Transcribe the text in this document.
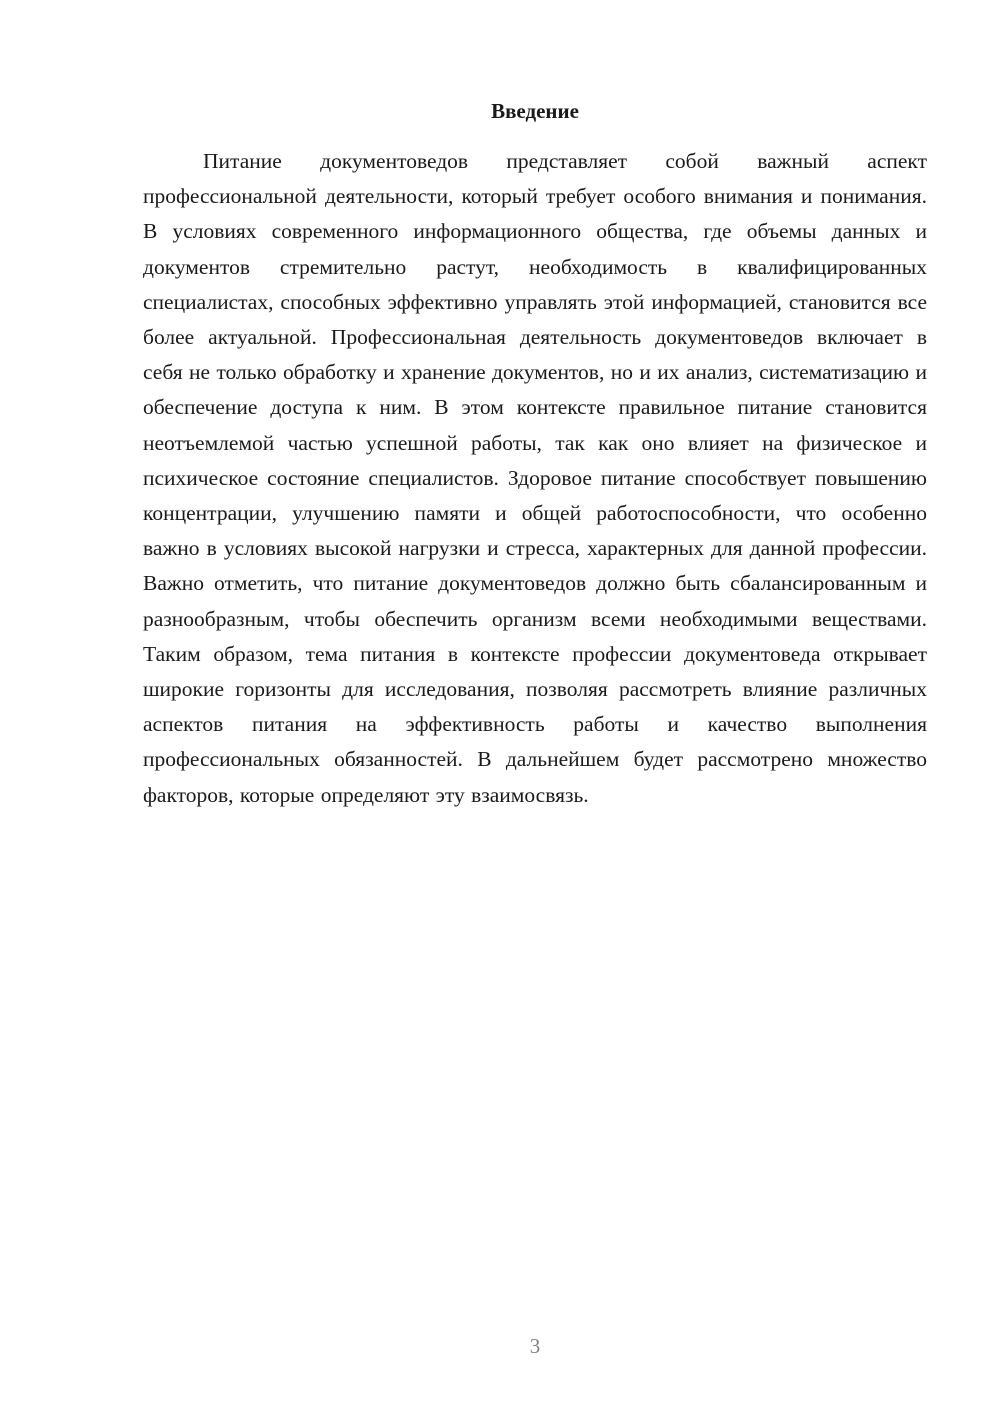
Введение

Питание документоведов представляет собой важный аспект профессиональной деятельности, который требует особого внимания и понимания. В условиях современного информационного общества, где объемы данных и документов стремительно растут, необходимость в квалифицированных специалистах, способных эффективно управлять этой информацией, становится все более актуальной. Профессиональная деятельность документоведов включает в себя не только обработку и хранение документов, но и их анализ, систематизацию и обеспечение доступа к ним. В этом контексте правильное питание становится неотъемлемой частью успешной работы, так как оно влияет на физическое и психическое состояние специалистов. Здоровое питание способствует повышению концентрации, улучшению памяти и общей работоспособности, что особенно важно в условиях высокой нагрузки и стресса, характерных для данной профессии. Важно отметить, что питание документоведов должно быть сбалансированным и разнообразным, чтобы обеспечить организм всеми необходимыми веществами. Таким образом, тема питания в контексте профессии документоведа открывает широкие горизонты для исследования, позволяя рассмотреть влияние различных аспектов питания на эффективность работы и качество выполнения профессиональных обязанностей. В дальнейшем будет рассмотрено множество факторов, которые определяют эту взаимосвязь.

3
